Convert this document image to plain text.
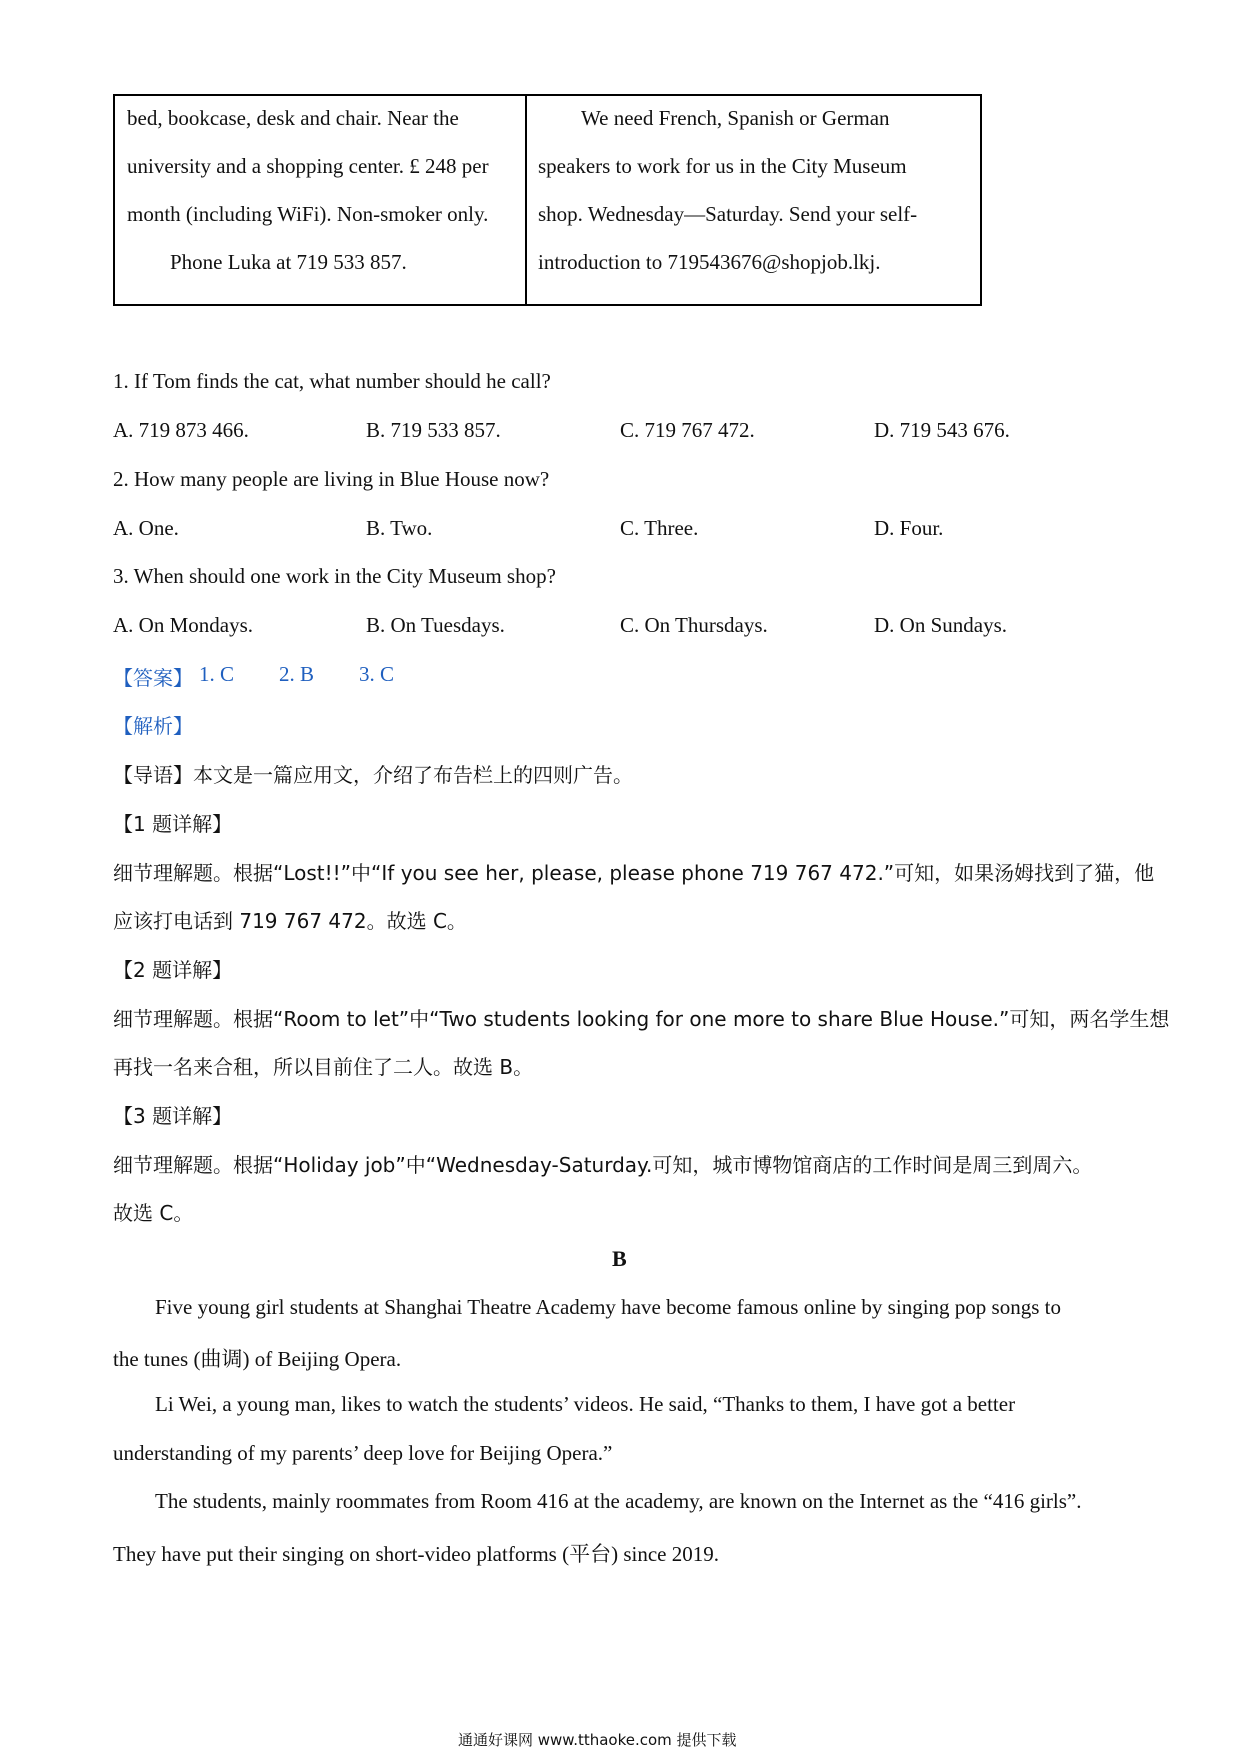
bed, bookcase, desk and chair. Near the
university and a shopping center. £ 248 per
month (including WiFi). Non-smoker only.
Phone Luka at 719 533 857.
We need French, Spanish or German
speakers to work for us in the City Museum
shop. Wednesday—Saturday. Send your self-
introduction to 719543676@shopjob.lkj.
1. If Tom finds the cat, what number should he call?
A. 719 873 466.	B. 719 533 857.	C. 719 767 472.	D. 719 543 676.
2. How many people are living in Blue House now?
A. One.	B. Two.	C. Three.	D. Four.
3. When should one work in the City Museum shop?
A. On Mondays.	B. On Tuesdays.	C. On Thursdays.	D. On Sundays.
【答案】 1. C 2. B 3. C
【解析】
【导语】本文是一篇应用文，介绍了布告栏上的四则广告。
【1 题详解】
细节理解题。根据“Lost!!”中“If you see her, please, please phone 719 767 472.”可知，如果汤姆找到了猫，他
应该打电话到 719 767 472。故选 C。
【2 题详解】
细节理解题。根据“Room to let”中“Two students looking for one more to share Blue House.”可知，两名学生想
再找一名来合租，所以目前住了二人。故选 B。
【3 题详解】
细节理解题。根据“Holiday job”中“Wednesday-Saturday.可知，城市博物馆商店的工作时间是周三到周六。
故选 C。
B
Five young girl students at Shanghai Theatre Academy have become famous online by singing pop songs to
the tunes (曲调) of Beijing Opera.
Li Wei, a young man, likes to watch the students’ videos. He said, “Thanks to them, I have got a better
understanding of my parents’ deep love for Beijing Opera.”
The students, mainly roommates from Room 416 at the academy, are known on the Internet as the “416 girls”.
They have put their singing on short-video platforms (平台) since 2019.
通通好课网 www.tthaoke.com 提供下载
